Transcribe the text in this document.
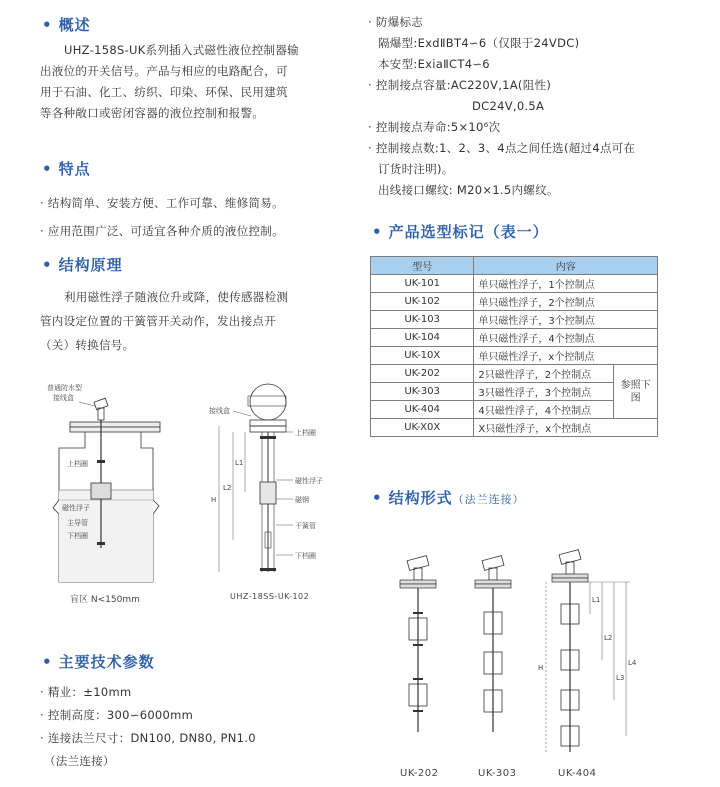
• 概述
UHZ-158S-UK系列插入式磁性液位控制器输
出液位的开关信号。产品与相应的电路配合，可
用于石油、化工、纺织、印染、环保、民用建筑
等各种敞口或密闭容器的液位控制和报警。
• 特点
· 结构简单、安装方便、工作可靠、维修简易。
· 应用范围广泛、可适宜各种介质的液位控制。
• 结构原理
利用磁性浮子随液位升或降，使传感器检测
管内设定位置的干簧管开关动作，发出接点开
（关）转换信号。
普通防水型
接线盒
上档圈
磁性浮子
主导管
下档圈
盲区 N<150mm
接线盒
上档圈
磁性浮子
磁钢
干簧管
下档圈
L1
L2
H
UHZ-18SS-UK-102
• 主要技术参数
· 精业：±10mm
· 控制高度：300∽6000mm
· 连接法兰尺寸：DN100, DN80, PN1.0
（法兰连接）
· 防爆标志
隔爆型:ExdⅡBT4∽6（仅限于24VDC)
本安型:ExiaⅡCT4∽6
· 控制接点容量:AC220V,1A(阻性)
DC24V,0.5A
· 控制接点寿命:5×10⁶次
· 控制接点数:1、2、3、4点之间任选(超过4点可在
订货时注明)。
出线接口螺纹: M20×1.5内螺纹。
• 产品选型标记（表一）
型号	内容	
UK-101	单只磁性浮子，1个控制点	
UK-102	单只磁性浮子，2个控制点	
UK-103	单只磁性浮子，3个控制点	
UK-104	单只磁性浮子，4个控制点	
UK-10X	单只磁性浮子，x个控制点	
UK-202	2只磁性浮子，2个控制点	参照下图
UK-303	3只磁性浮子，3个控制点	
UK-404	4只磁性浮子，4个控制点	
UK-X0X	X只磁性浮子，x个控制点	
• 结构形式（法兰连接）
L1
L2
L3
L4
H
UK-202	UK-303	UK-404
